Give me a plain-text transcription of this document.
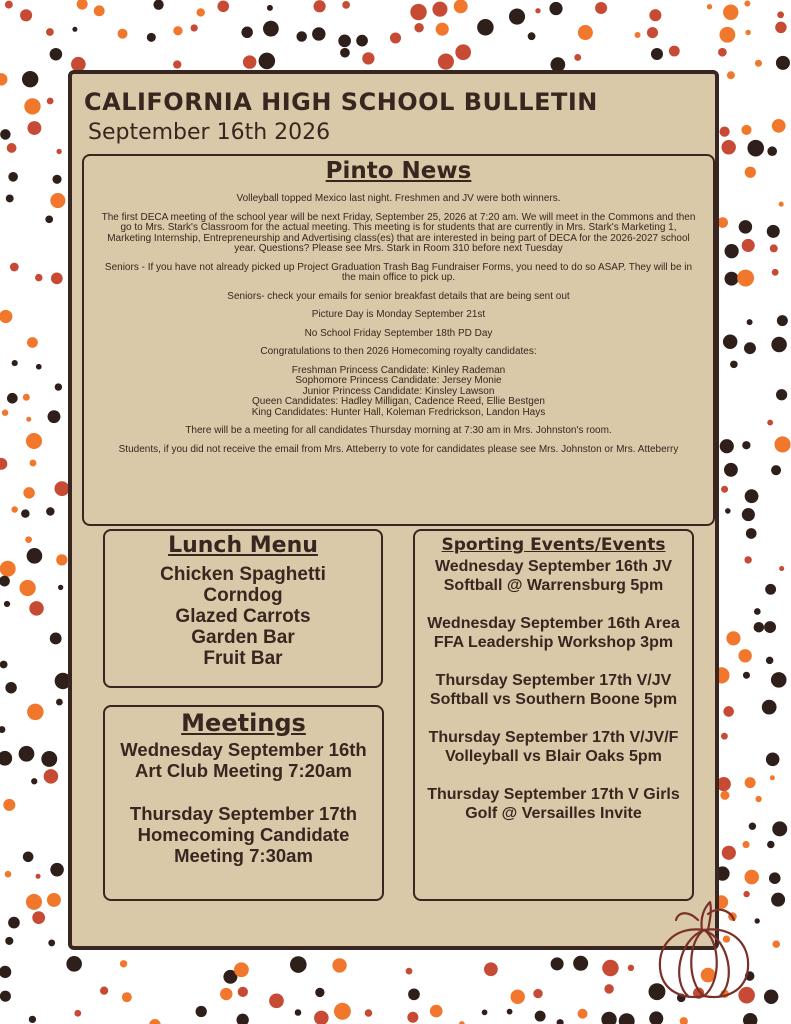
CALIFORNIA HIGH SCHOOL BULLETIN
September 16th 2026
Pinto News

Volleyball topped Mexico last night. Freshmen and JV were both winners.

The first DECA meeting of the school year will be next Friday, September 25, 2026 at 7:20 am. We will meet in the Commons and then go to Mrs. Stark's Classroom for the actual meeting. This meeting is for students that are currently in Mrs. Stark's Marketing 1, Marketing Internship, Entrepreneurship and Advertising class(es) that are interested in being part of DECA for the 2026-2027 school year. Questions? Please see Mrs. Stark in Room 310 before next Tuesday

Seniors - If you have not already picked up Project Graduation Trash Bag Fundraiser Forms, you need to do so ASAP. They will be in the main office to pick up.

Seniors- check your emails for senior breakfast details that are being sent out

Picture Day is Monday September 21st

No School Friday September 18th PD Day

Congratulations to then 2026 Homecoming royalty candidates:

Freshman Princess Candidate: Kinley Rademan
Sophomore Princess Candidate: Jersey Monie
Junior Princess Candidate: Kinsley Lawson
Queen Candidates: Hadley Milligan, Cadence Reed, Ellie Bestgen
King Candidates: Hunter Hall, Koleman Fredrickson, Landon Hays

There will be a meeting for all candidates Thursday morning at 7:30 am in Mrs. Johnston's room.

Students, if you did not receive the email from Mrs. Atteberry to vote for candidates please see Mrs. Johnston or Mrs. Atteberry

Lunch Menu
Chicken Spaghetti
Corndog
Glazed Carrots
Garden Bar
Fruit Bar
Meetings
Wednesday September 16th Art Club Meeting 7:20am
Thursday September 17th Homecoming Candidate Meeting 7:30am
Sporting Events/Events
Wednesday September 16th JV Softball @ Warrensburg 5pm
Wednesday September 16th Area FFA Leadership Workshop 3pm
Thursday September 17th V/JV Softball vs Southern Boone 5pm
Thursday September 17th V/JV/F Volleyball vs Blair Oaks 5pm
Thursday September 17th V Girls Golf @ Versailles Invite
